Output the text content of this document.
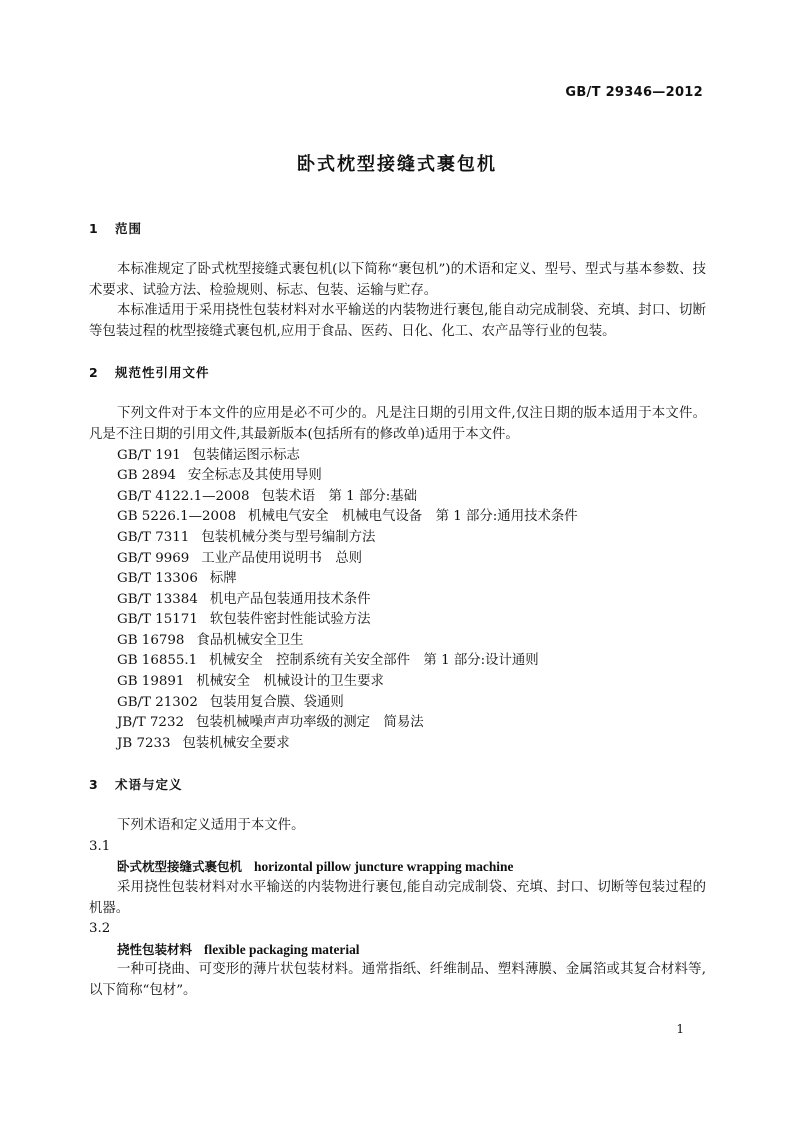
GB/T 29346—2012
卧式枕型接缝式裹包机
1 范围

本标准规定了卧式枕型接缝式裹包机(以下简称“裹包机”)的术语和定义、型号、型式与基本参数、技术要求、试验方法、检验规则、标志、包装、运输与贮存。

本标准适用于采用挠性包装材料对水平输送的内装物进行裹包,能自动完成制袋、充填、封口、切断等包装过程的枕型接缝式裹包机,应用于食品、医药、日化、化工、农产品等行业的包装。

2 规范性引用文件

下列文件对于本文件的应用是必不可少的。凡是注日期的引用文件,仅注日期的版本适用于本文件。凡是不注日期的引用文件,其最新版本(包括所有的修改单)适用于本文件。

GB/T 191 包装储运图示标志
GB 2894 安全标志及其使用导则
GB/T 4122.1—2008 包装术语　第 1 部分:基础
GB 5226.1—2008 机械电气安全　机械电气设备　第 1 部分:通用技术条件
GB/T 7311 包装机械分类与型号编制方法
GB/T 9969 工业产品使用说明书　总则
GB/T 13306 标牌
GB/T 13384 机电产品包装通用技术条件
GB/T 15171 软包装件密封性能试验方法
GB 16798 食品机械安全卫生
GB 16855.1 机械安全　控制系统有关安全部件　第 1 部分:设计通则
GB 19891 机械安全　机械设计的卫生要求
GB/T 21302 包装用复合膜、袋通则
JB/T 7232 包装机械噪声声功率级的测定　简易法
JB 7233 包装机械安全要求
3 术语与定义

下列术语和定义适用于本文件。

3.1
卧式枕型接缝式裹包机 horizontal pillow juncture wrapping machine

采用挠性包装材料对水平输送的内装物进行裹包,能自动完成制袋、充填、封口、切断等包装过程的机器。

3.2
挠性包装材料 flexible packaging material

一种可挠曲、可变形的薄片状包装材料。通常指纸、纤维制品、塑料薄膜、金属箔或其复合材料等,以下简称“包材”。

1
